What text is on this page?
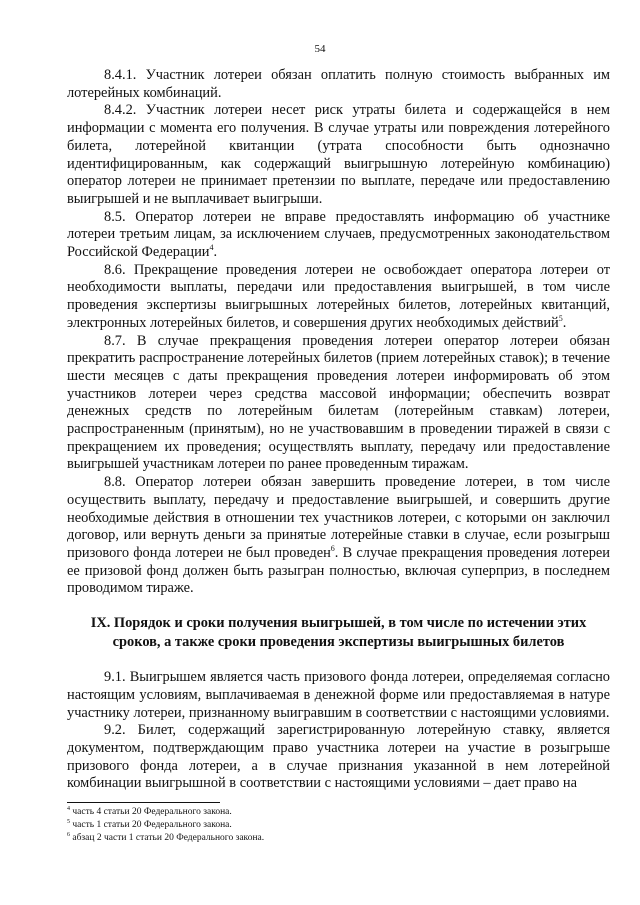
54

8.4.1. Участник лотереи обязан оплатить полную стоимость выбранных им лотерейных комбинаций.

8.4.2. Участник лотереи несет риск утраты билета и содержащейся в нем информации с момента его получения. В случае утраты или повреждения лотерейного билета, лотерейной квитанции (утрата способности быть однозначно идентифицированным, как содержащий выигрышную лотерейную комбинацию) оператор лотереи не принимает претензии по выплате, передаче или предоставлению выигрышей и не выплачивает выигрыши.

8.5. Оператор лотереи не вправе предоставлять информацию об участнике лотереи третьим лицам, за исключением случаев, предусмотренных законодательством Российской Федерации$^4$.

8.6. Прекращение проведения лотереи не освобождает оператора лотереи от необходимости выплаты, передачи или предоставления выигрышей, в том числе проведения экспертизы выигрышных лотерейных билетов, лотерейных квитанций, электронных лотерейных билетов, и совершения других необходимых действий$^5$.

8.7. В случае прекращения проведения лотереи оператор лотереи обязан прекратить распространение лотерейных билетов (прием лотерейных ставок); в течение шести месяцев с даты прекращения проведения лотереи информировать об этом участников лотереи через средства массовой информации; обеспечить возврат денежных средств по лотерейным билетам (лотерейным ставкам) лотереи, распространенным (принятым), но не участвовавшим в проведении тиражей в связи с прекращением их проведения; осуществлять выплату, передачу или предоставление выигрышей участникам лотереи по ранее проведенным тиражам.

8.8. Оператор лотереи обязан завершить проведение лотереи, в том числе осуществить выплату, передачу и предоставление выигрышей, и совершить другие необходимые действия в отношении тех участников лотереи, с которыми он заключил договор, или вернуть деньги за принятые лотерейные ставки в случае, если розыгрыш призового фонда лотереи не был проведен$^6$. В случае прекращения проведения лотереи ее призовой фонд должен быть разыгран полностью, включая суперприз, в последнем проводимом тираже.

IX. Порядок и сроки получения выигрышей, в том числе по истечении этих сроков, а также сроки проведения экспертизы выигрышных билетов

9.1. Выигрышем является часть призового фонда лотереи, определяемая согласно настоящим условиям, выплачиваемая в денежной форме или предоставляемая в натуре участнику лотереи, признанному выигравшим в соответствии с настоящими условиями.

9.2. Билет, содержащий зарегистрированную лотерейную ставку, является документом, подтверждающим право участника лотереи на участие в розыгрыше призового фонда лотереи, а в случае признания указанной в нем лотерейной комбинации выигрышной в соответствии с настоящими условиями – дает право на

$^4$ часть 4 статьи 20 Федерального закона.
$^5$ часть 1 статьи 20 Федерального закона.
$^6$ абзац 2 части 1 статьи 20 Федерального закона.
